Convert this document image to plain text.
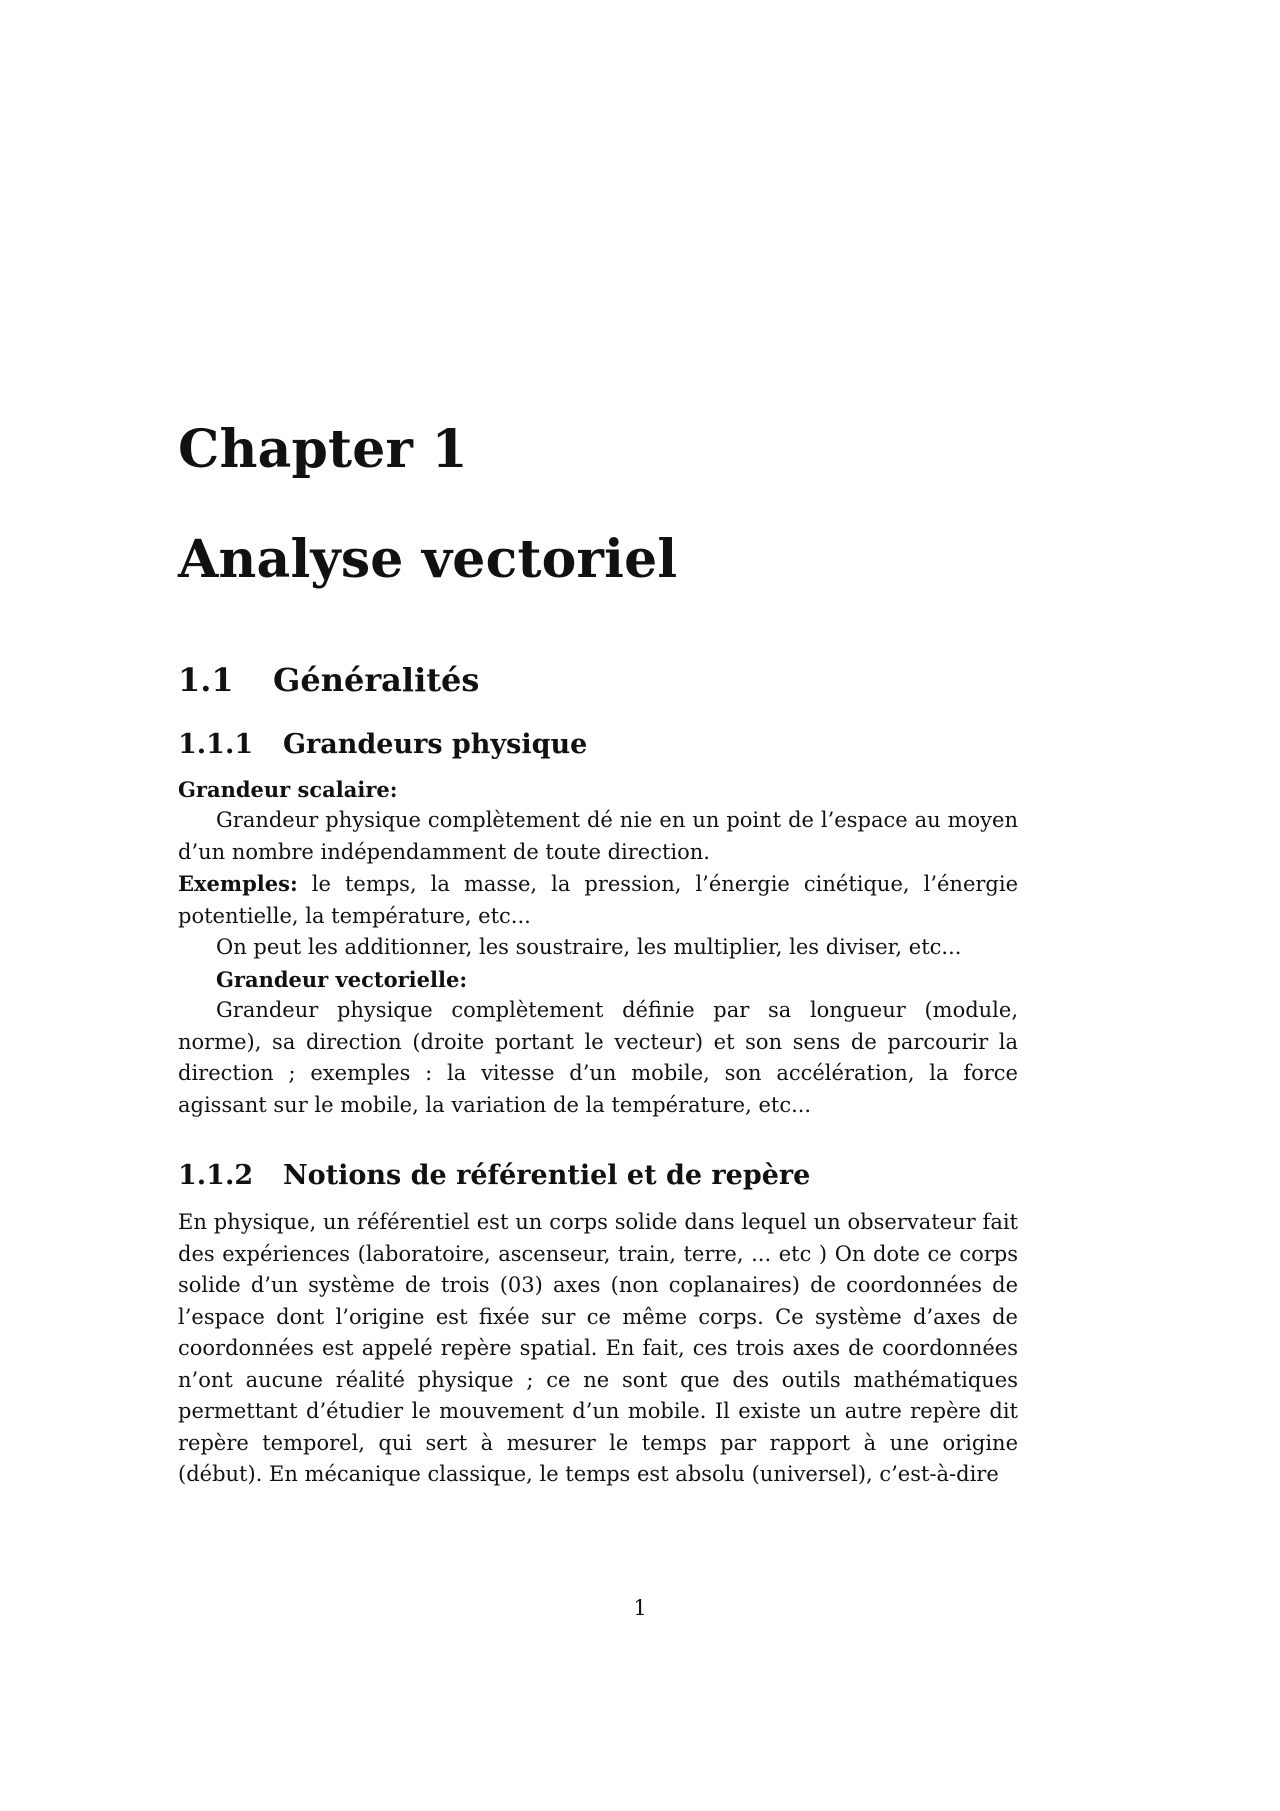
Chapter 1
Analyse vectoriel
1.1 Généralités
1.1.1 Grandeurs physique
Grandeur scalaire:

Grandeur physique complètement dé nie en un point de l’espace au moyen d’un nombre indépendamment de toute direction.

Exemples: le temps, la masse, la pression, l’énergie cinétique, l’énergie potentielle, la température, etc...

On peut les additionner, les soustraire, les multiplier, les diviser, etc...

Grandeur vectorielle:

Grandeur physique complètement définie par sa longueur (module, norme), sa direction (droite portant le vecteur) et son sens de parcourir la direction ; exemples : la vitesse d’un mobile, son accélération, la force agissant sur le mobile, la variation de la température, etc...

1.1.2 Notions de référentiel et de repère

En physique, un référentiel est un corps solide dans lequel un observateur fait des expériences (laboratoire, ascenseur, train, terre, ... etc ) On dote ce corps solide d’un système de trois (03) axes (non coplanaires) de coordonnées de l’espace dont l’origine est fixée sur ce même corps. Ce système d’axes de coordonnées est appelé repère spatial. En fait, ces trois axes de coordonnées n’ont aucune réalité physique ; ce ne sont que des outils mathématiques permettant d’étudier le mouvement d’un mobile. Il existe un autre repère dit repère temporel, qui sert à mesurer le temps par rapport à une origine (début). En mécanique classique, le temps est absolu (universel), c’est-à-dire

1
